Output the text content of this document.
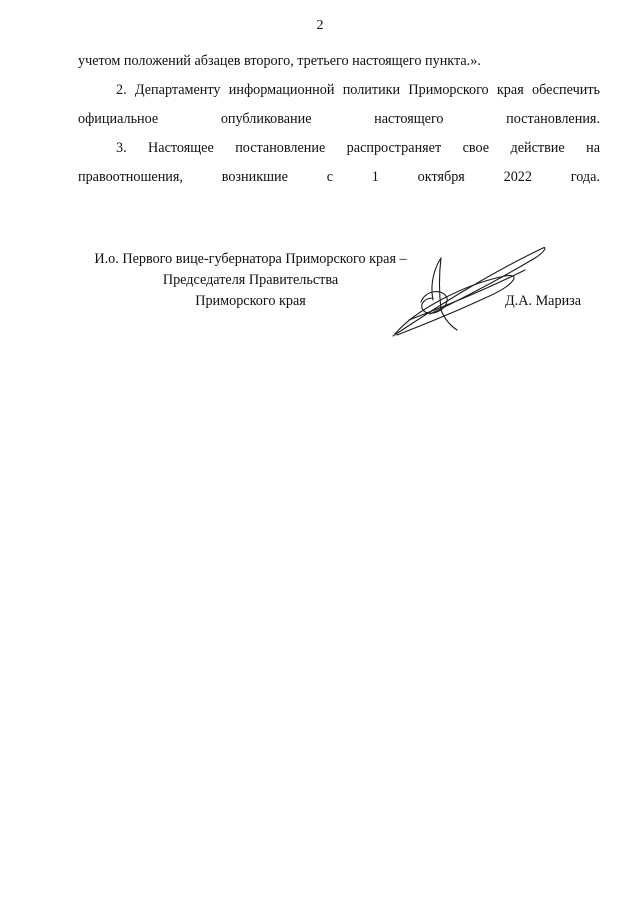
2

учетом положений абзацев второго, третьего настоящего пункта.».

2. Департаменту информационной политики Приморского края обеспечить официальное опубликование настоящего постановления.

3. Настоящее постановление распространяет свое действие на правоотношения, возникшие с 1 октября 2022 года.

И.о. Первого вице-губернатора Приморского края –
Председателя Правительства
Приморского края	Д.А. Мариза
